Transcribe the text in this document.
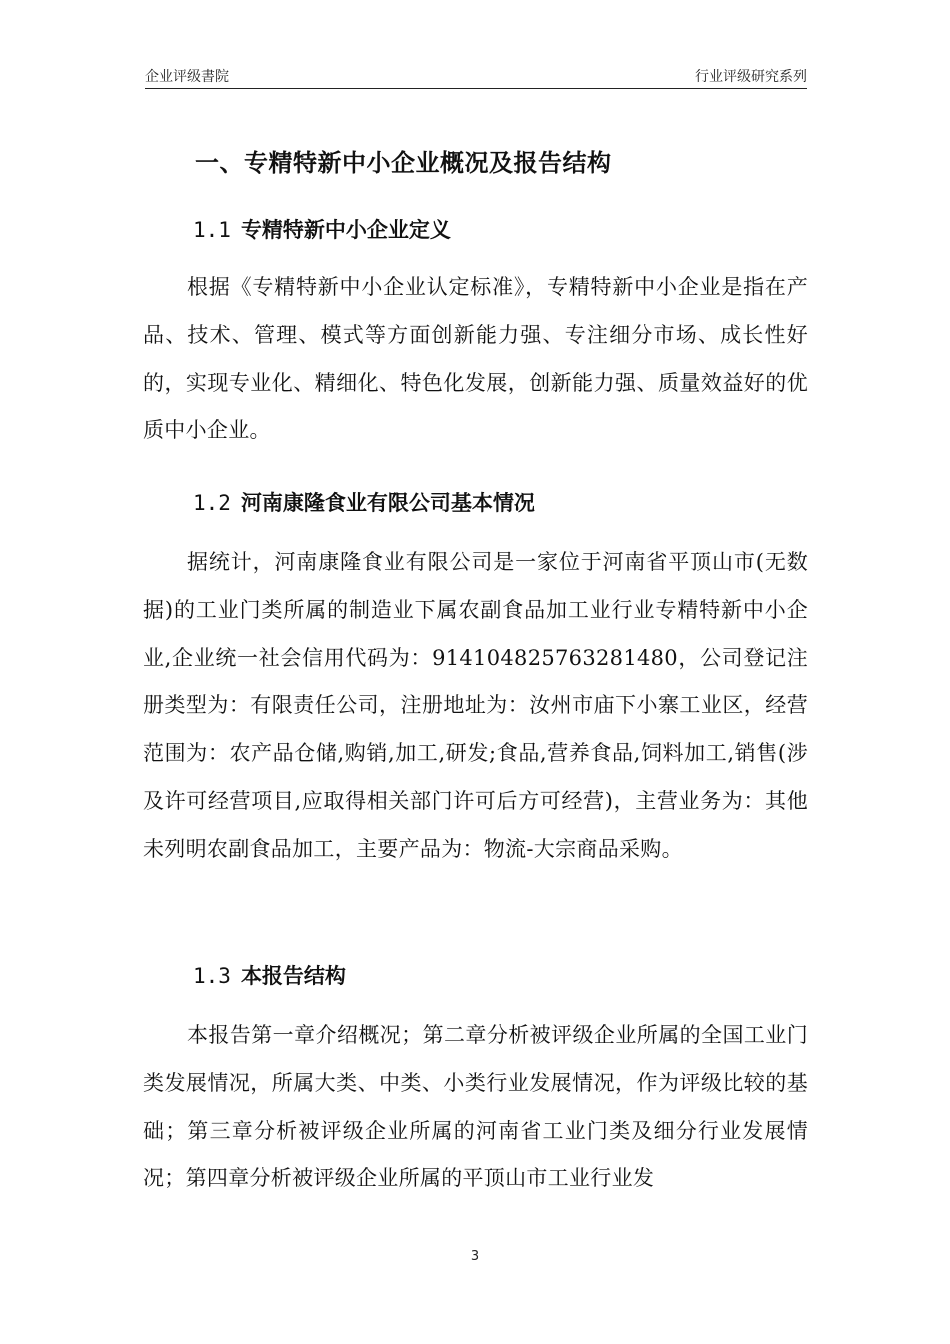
企业评级書院	行业评级研究系列
一、专精特新中小企业概况及报告结构
1.1 专精特新中小企业定义
根据《专精特新中小企业认定标准》，专精特新中小企业是指在产品、技术、管理、模式等方面创新能力强、专注细分市场、成长性好的，实现专业化、精细化、特色化发展，创新能力强、质量效益好的优质中小企业。
1.2 河南康隆食业有限公司基本情况
据统计，河南康隆食业有限公司是一家位于河南省平顶山市(无数据)的工业门类所属的制造业下属农副食品加工业行业专精特新中小企业,企业统一社会信用代码为：914104825763281480，公司登记注册类型为：有限责任公司，注册地址为：汝州市庙下小寨工业区，经营范围为：农产品仓储,购销,加工,研发;食品,营养食品,饲料加工,销售(涉及许可经营项目,应取得相关部门许可后方可经营)，主营业务为：其他未列明农副食品加工，主要产品为：物流-大宗商品采购。
1.3 本报告结构
本报告第一章介绍概况；第二章分析被评级企业所属的全国工业门类发展情况，所属大类、中类、小类行业发展情况，作为评级比较的基础；第三章分析被评级企业所属的河南省工业门类及细分行业发展情况；第四章分析被评级企业所属的平顶山市工业行业发
3
